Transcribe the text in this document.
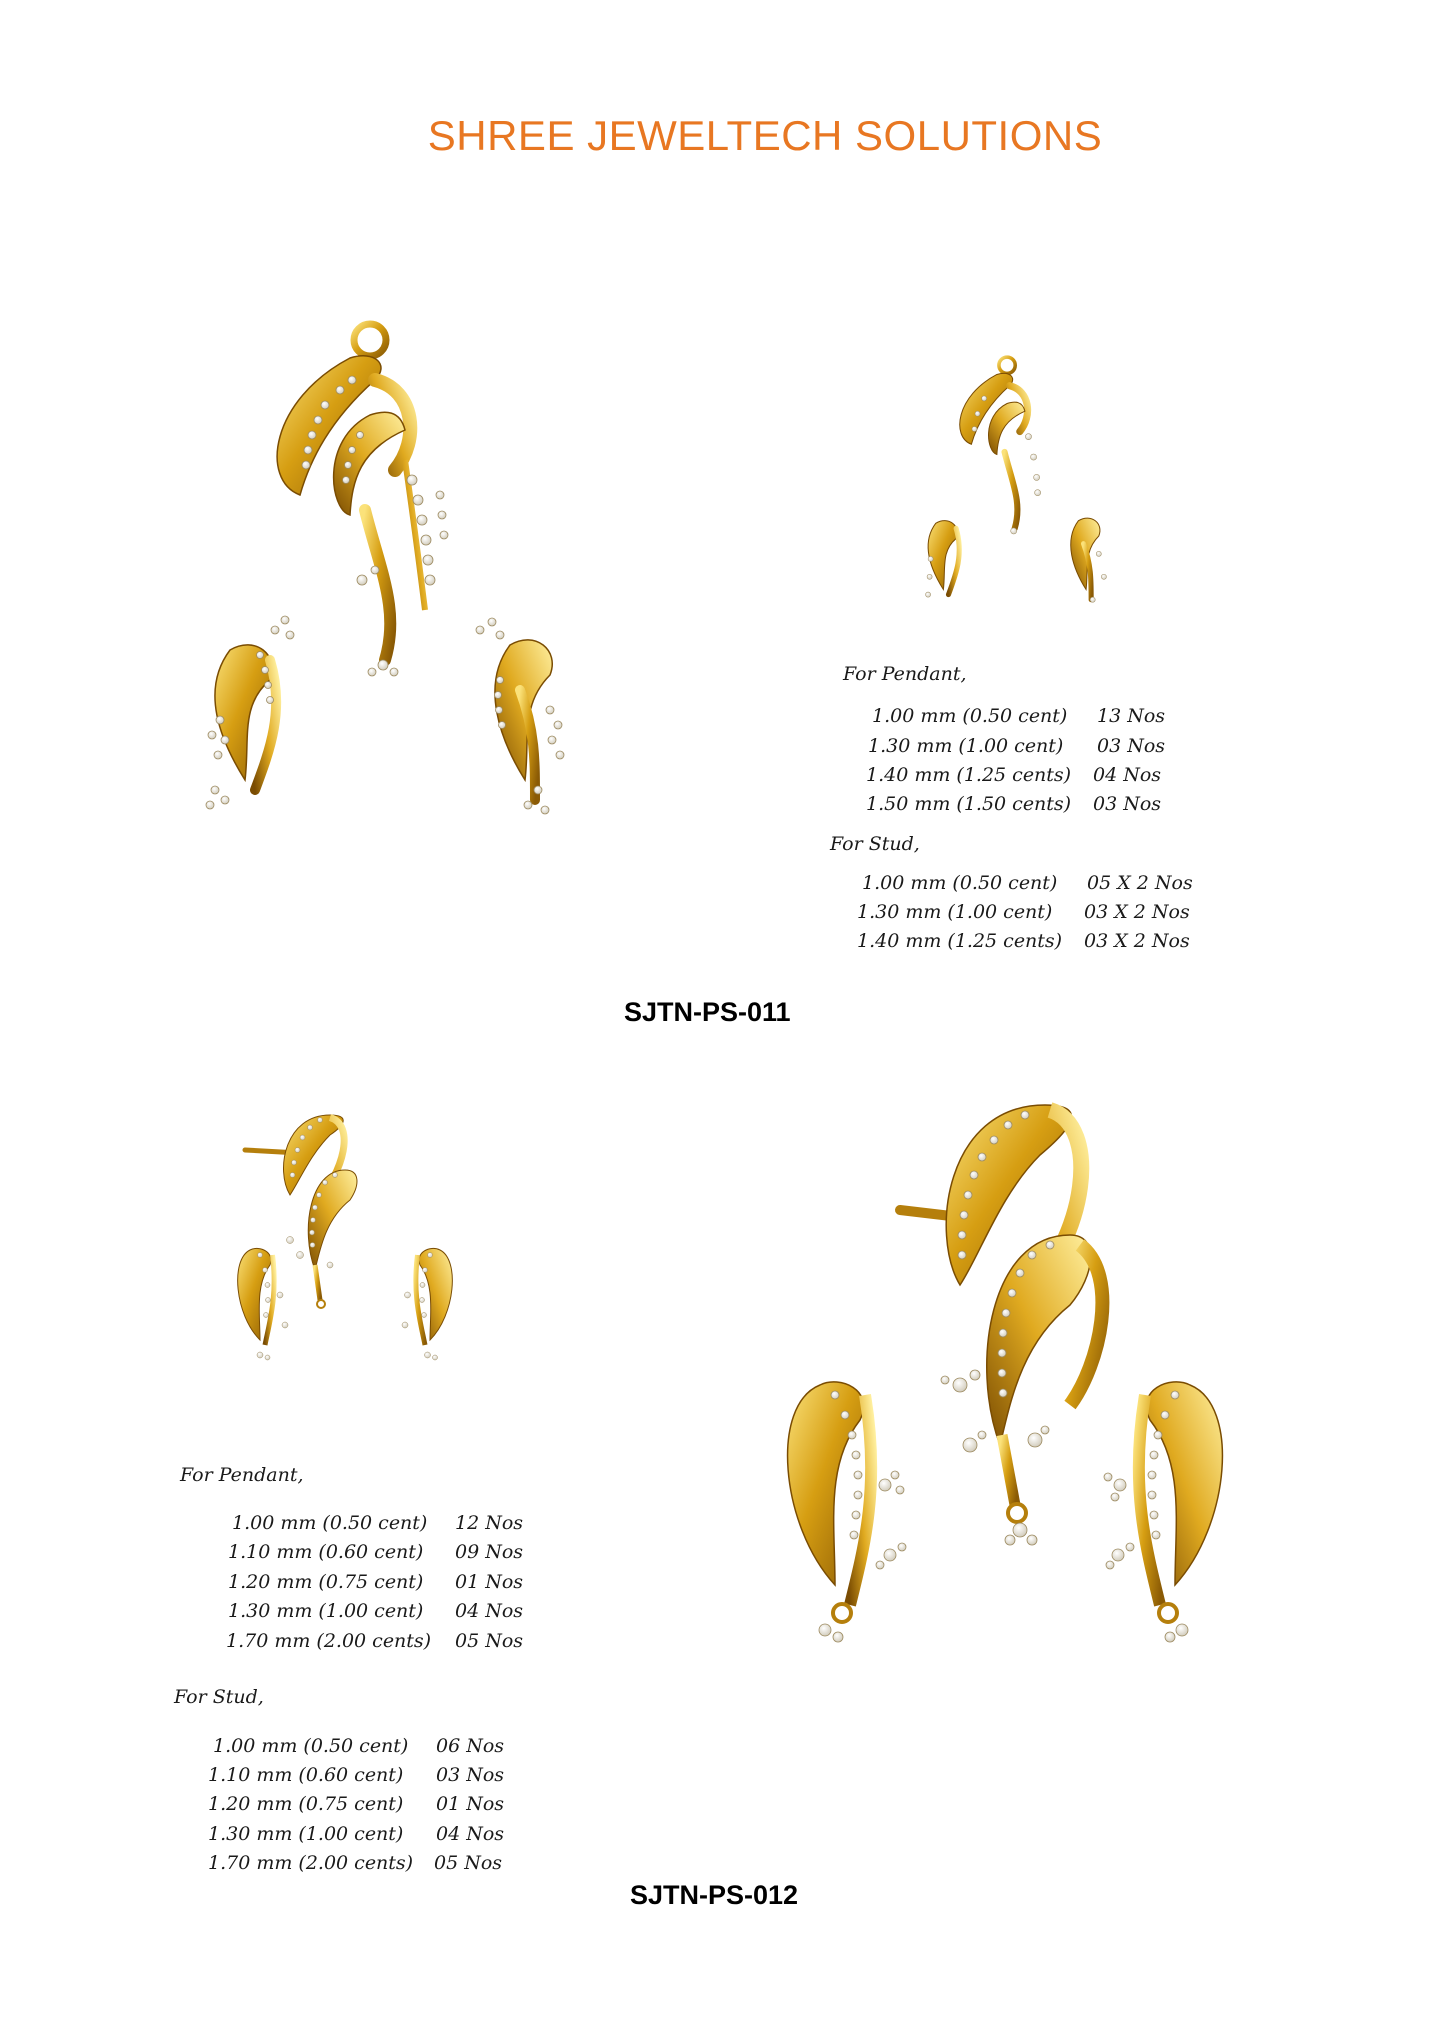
SHREE JEWELTECH SOLUTIONS
For Pendant,
1.00 mm (0.50 cent) 13 Nos
1.30 mm (1.00 cent) 03 Nos
1.40 mm (1.25 cents) 04 Nos
1.50 mm (1.50 cents) 03 Nos
For Stud,
1.00 mm (0.50 cent) 05 X 2 Nos
1.30 mm (1.00 cent) 03 X 2 Nos
1.40 mm (1.25 cents) 03 X 2 Nos
SJTN-PS-011
For Pendant,
1.00 mm (0.50 cent) 12 Nos
1.10 mm (0.60 cent) 09 Nos
1.20 mm (0.75 cent) 01 Nos
1.30 mm (1.00 cent) 04 Nos
1.70 mm (2.00 cents) 05 Nos
For Stud,
1.00 mm (0.50 cent) 06 Nos
1.10 mm (0.60 cent) 03 Nos
1.20 mm (0.75 cent) 01 Nos
1.30 mm (1.00 cent) 04 Nos
1.70 mm (2.00 cents) 05 Nos
SJTN-PS-012
